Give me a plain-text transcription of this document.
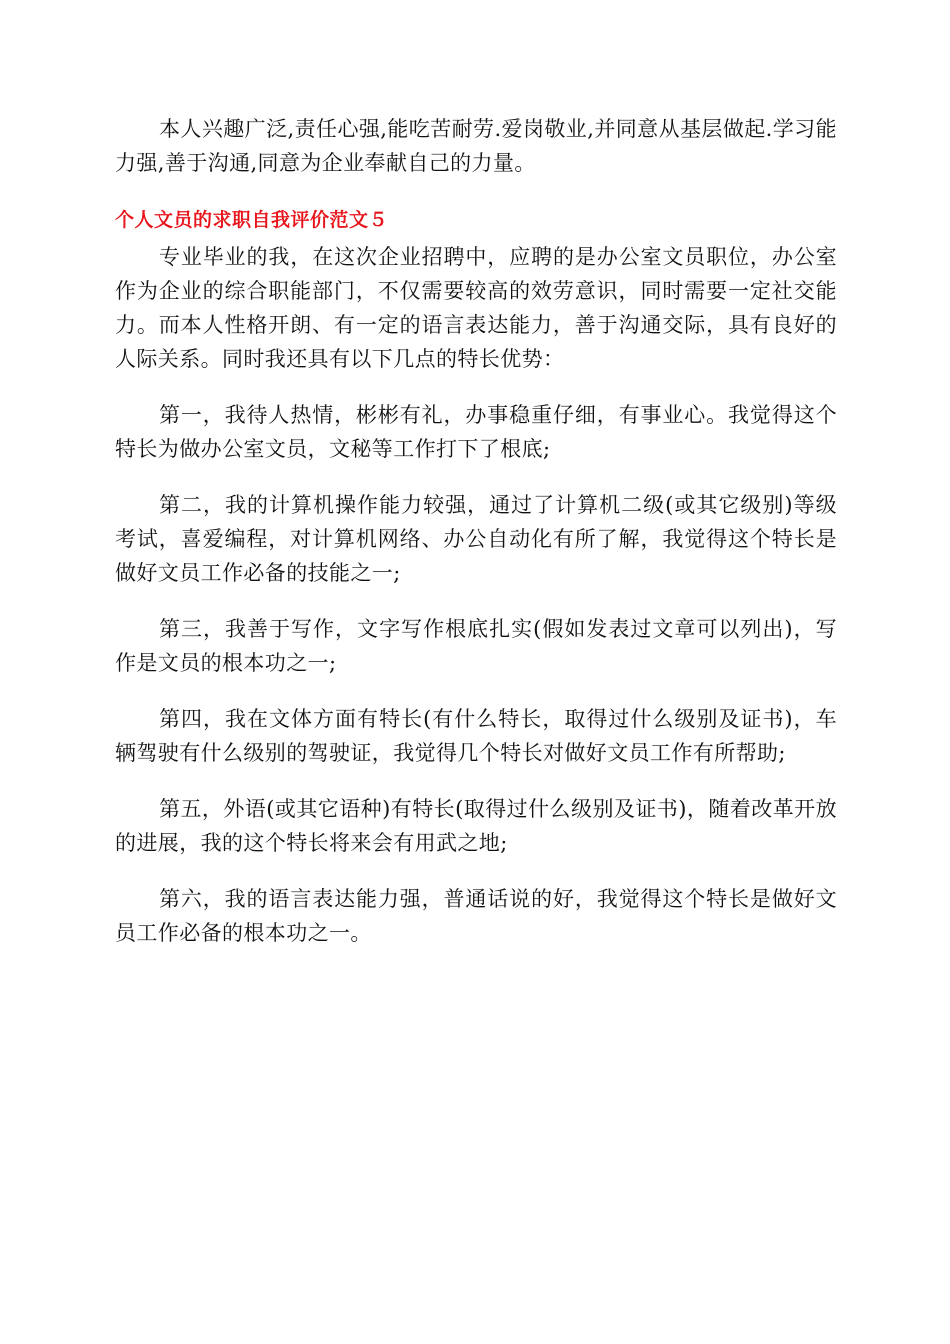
本人兴趣广泛,责任心强,能吃苦耐劳.爱岗敬业,并同意从基层做起.学习能力强,善于沟通,同意为企业奉献自己的力量。

个人文员的求职自我评价范文５

专业毕业的我，在这次企业招聘中，应聘的是办公室文员职位，办公室作为企业的综合职能部门，不仅需要较高的效劳意识，同时需要一定社交能力。而本人性格开朗、有一定的语言表达能力，善于沟通交际，具有良好的人际关系。同时我还具有以下几点的特长优势：

第一，我待人热情，彬彬有礼，办事稳重仔细，有事业心。我觉得这个特长为做办公室文员，文秘等工作打下了根底;

第二，我的计算机操作能力较强，通过了计算机二级(或其它级别)等级考试，喜爱编程，对计算机网络、办公自动化有所了解，我觉得这个特长是做好文员工作必备的技能之一;

第三，我善于写作，文字写作根底扎实(假如发表过文章可以列出)，写作是文员的根本功之一;

第四，我在文体方面有特长(有什么特长，取得过什么级别及证书)，车辆驾驶有什么级别的驾驶证，我觉得几个特长对做好文员工作有所帮助;

第五，外语(或其它语种)有特长(取得过什么级别及证书)，随着改革开放的进展，我的这个特长将来会有用武之地;

第六，我的语言表达能力强，普通话说的好，我觉得这个特长是做好文员工作必备的根本功之一。
